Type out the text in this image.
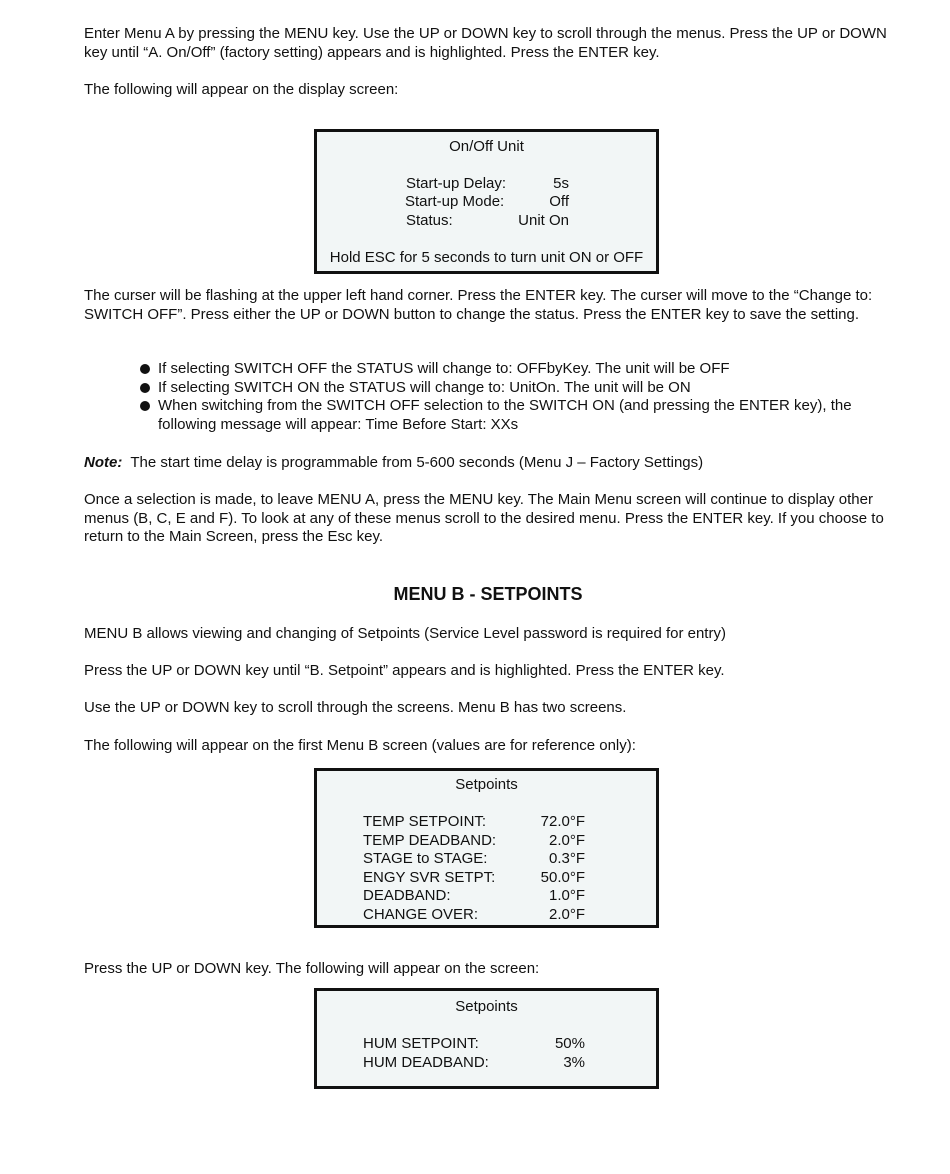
Enter Menu A by pressing the MENU key. Use the UP or DOWN key to scroll through the menus. Press the UP or DOWN key until “A. On/Off” (factory setting) appears and is highlighted. Press the ENTER key.

The following will appear on the display screen:

On/Off Unit
Start-up Delay:	5s
Start-up Mode:	Off
Status:	Unit On
Hold ESC for 5 seconds to turn unit ON or OFF

The curser will be flashing at the upper left hand corner. Press the ENTER key. The curser will move to the “Change to: SWITCH OFF”. Press either the UP or DOWN button to change the status. Press the ENTER key to save the setting.

If selecting SWITCH OFF the STATUS will change to: OFFbyKey. The unit will be OFF
If selecting SWITCH ON the STATUS will change to: UnitOn. The unit will be ON
When switching from the SWITCH OFF selection to the SWITCH ON (and pressing the ENTER key), the following message will appear: Time Before Start: XXs

Note:  The start time delay is programmable from 5-600 seconds (Menu J – Factory Settings)

Once a selection is made, to leave MENU A, press the MENU key. The Main Menu screen will continue to display other menus (B, C, E and F). To look at any of these menus scroll to the desired menu. Press the ENTER key. If you choose to return to the Main Screen, press the Esc key.

MENU B - SETPOINTS

MENU B allows viewing and changing of Setpoints (Service Level password is required for entry)

Press the UP or DOWN key until “B. Setpoint” appears and is highlighted. Press the ENTER key.

Use the UP or DOWN key to scroll through the screens. Menu B has two screens.

The following will appear on the first Menu B screen (values are for reference only):

Setpoints
TEMP SETPOINT:	72.0°F
TEMP DEADBAND:	2.0°F
STAGE to STAGE:	0.3°F
ENGY SVR SETPT:	50.0°F
DEADBAND:	1.0°F
CHANGE OVER:	2.0°F

Press the UP or DOWN key. The following will appear on the screen:

Setpoints
HUM SETPOINT:	50%
HUM DEADBAND:	3%
